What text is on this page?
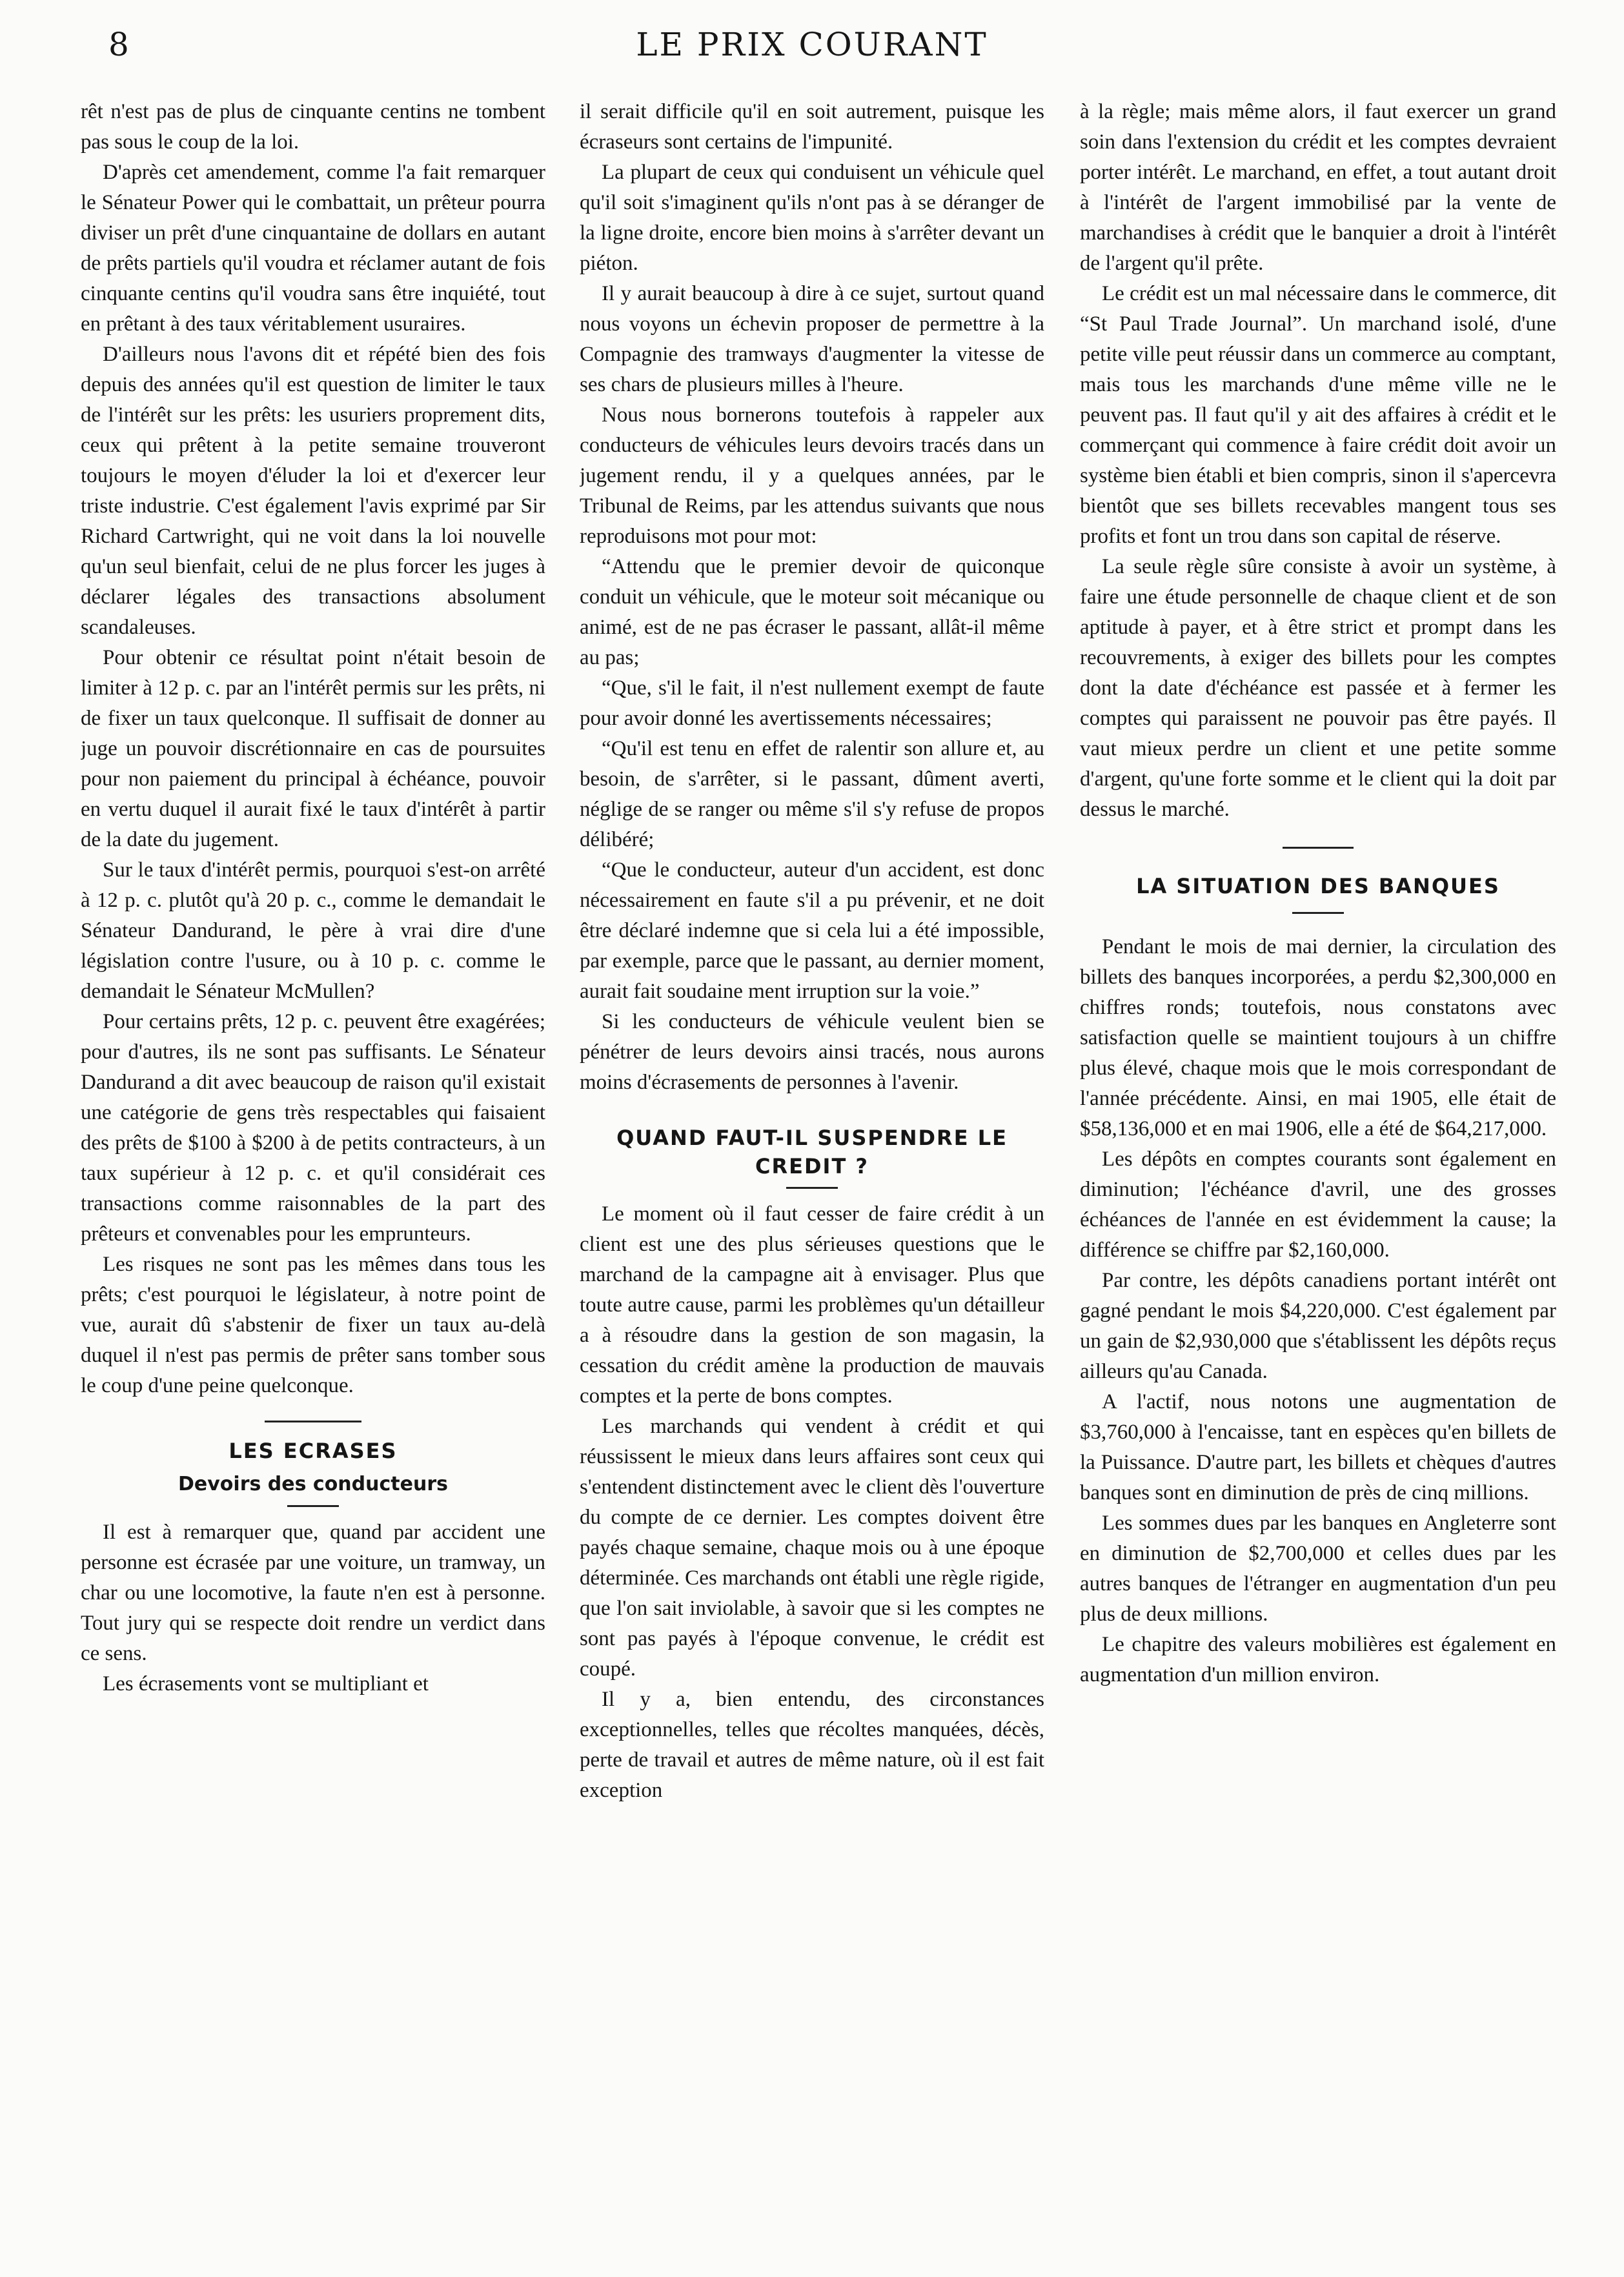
8	LE PRIX COURANT

rêt n'est pas de plus de cinquante centins ne tombent pas sous le coup de la loi.

D'après cet amendement, comme l'a fait remarquer le Sénateur Power qui le combattait, un prêteur pourra diviser un prêt d'une cinquantaine de dollars en autant de prêts partiels qu'il voudra et réclamer autant de fois cinquante centins qu'il voudra sans être inquiété, tout en prêtant à des taux véritablement usuraires.

D'ailleurs nous l'avons dit et répété bien des fois depuis des années qu'il est question de limiter le taux de l'intérêt sur les prêts: les usuriers proprement dits, ceux qui prêtent à la petite semaine trouveront toujours le moyen d'éluder la loi et d'exercer leur triste industrie. C'est également l'avis exprimé par Sir Richard Cartwright, qui ne voit dans la loi nouvelle qu'un seul bienfait, celui de ne plus forcer les juges à déclarer légales des transactions absolument scandaleuses.

Pour obtenir ce résultat point n'était besoin de limiter à 12 p. c. par an l'intérêt permis sur les prêts, ni de fixer un taux quelconque. Il suffisait de donner au juge un pouvoir discrétionnaire en cas de poursuites pour non paiement du principal à échéance, pouvoir en vertu duquel il aurait fixé le taux d'intérêt à partir de la date du jugement.

Sur le taux d'intérêt permis, pourquoi s'est-on arrêté à 12 p. c. plutôt qu'à 20 p. c., comme le demandait le Sénateur Dandurand, le père à vrai dire d'une législation contre l'usure, ou à 10 p. c. comme le demandait le Sénateur McMullen?

Pour certains prêts, 12 p. c. peuvent être exagérées; pour d'autres, ils ne sont pas suffisants. Le Sénateur Dandurand a dit avec beaucoup de raison qu'il existait une catégorie de gens très respectables qui faisaient des prêts de $100 à $200 à de petits contracteurs, à un taux supérieur à 12 p. c. et qu'il considérait ces transactions comme raisonnables de la part des prêteurs et convenables pour les emprunteurs.

Les risques ne sont pas les mêmes dans tous les prêts; c'est pourquoi le législateur, à notre point de vue, aurait dû s'abstenir de fixer un taux au-delà duquel il n'est pas permis de prêter sans tomber sous le coup d'une peine quelconque.

LES ECRASES
Devoirs des conducteurs

Il est à remarquer que, quand par accident une personne est écrasée par une voiture, un tramway, un char ou une locomotive, la faute n'en est à personne. Tout jury qui se respecte doit rendre un verdict dans ce sens.

Les écrasements vont se multipliant et

il serait difficile qu'il en soit autrement, puisque les écraseurs sont certains de l'impunité.

La plupart de ceux qui conduisent un véhicule quel qu'il soit s'imaginent qu'ils n'ont pas à se déranger de la ligne droite, encore bien moins à s'arrêter devant un piéton.

Il y aurait beaucoup à dire à ce sujet, surtout quand nous voyons un échevin proposer de permettre à la Compagnie des tramways d'augmenter la vitesse de ses chars de plusieurs milles à l'heure.

Nous nous bornerons toutefois à rappeler aux conducteurs de véhicules leurs devoirs tracés dans un jugement rendu, il y a quelques années, par le Tribunal de Reims, par les attendus suivants que nous reproduisons mot pour mot:

“Attendu que le premier devoir de quiconque conduit un véhicule, que le moteur soit mécanique ou animé, est de ne pas écraser le passant, allât-il même au pas;

“Que, s'il le fait, il n'est nullement exempt de faute pour avoir donné les avertissements nécessaires;

“Qu'il est tenu en effet de ralentir son allure et, au besoin, de s'arrêter, si le passant, dûment averti, néglige de se ranger ou même s'il s'y refuse de propos délibéré;

“Que le conducteur, auteur d'un accident, est donc nécessairement en faute s'il a pu prévenir, et ne doit être déclaré indemne que si cela lui a été impossible, par exemple, parce que le passant, au dernier moment, aurait fait soudaine ment irruption sur la voie.”

Si les conducteurs de véhicule veulent bien se pénétrer de leurs devoirs ainsi tracés, nous aurons moins d'écrasements de personnes à l'avenir.

QUAND FAUT-IL SUSPENDRE LE CREDIT ?

Le moment où il faut cesser de faire crédit à un client est une des plus sérieuses questions que le marchand de la campagne ait à envisager. Plus que toute autre cause, parmi les problèmes qu'un détailleur a à résoudre dans la gestion de son magasin, la cessation du crédit amène la production de mauvais comptes et la perte de bons comptes.

Les marchands qui vendent à crédit et qui réussissent le mieux dans leurs affaires sont ceux qui s'entendent distinctement avec le client dès l'ouverture du compte de ce dernier. Les comptes doivent être payés chaque semaine, chaque mois ou à une époque déterminée. Ces marchands ont établi une règle rigide, que l'on sait inviolable, à savoir que si les comptes ne sont pas payés à l'époque convenue, le crédit est coupé.

Il y a, bien entendu, des circonstances exceptionnelles, telles que récoltes manquées, décès, perte de travail et autres de même nature, où il est fait exception

à la règle; mais même alors, il faut exercer un grand soin dans l'extension du crédit et les comptes devraient porter intérêt. Le marchand, en effet, a tout autant droit à l'intérêt de l'argent immobilisé par la vente de marchandises à crédit que le banquier a droit à l'intérêt de l'argent qu'il prête.

Le crédit est un mal nécessaire dans le commerce, dit “St Paul Trade Journal”. Un marchand isolé, d'une petite ville peut réussir dans un commerce au comptant, mais tous les marchands d'une même ville ne le peuvent pas. Il faut qu'il y ait des affaires à crédit et le commerçant qui commence à faire crédit doit avoir un système bien établi et bien compris, sinon il s'apercevra bientôt que ses billets recevables mangent tous ses profits et font un trou dans son capital de réserve.

La seule règle sûre consiste à avoir un système, à faire une étude personnelle de chaque client et de son aptitude à payer, et à être strict et prompt dans les recouvrements, à exiger des billets pour les comptes dont la date d'échéance est passée et à fermer les comptes qui paraissent ne pouvoir pas être payés. Il vaut mieux perdre un client et une petite somme d'argent, qu'une forte somme et le client qui la doit par dessus le marché.

LA SITUATION DES BANQUES

Pendant le mois de mai dernier, la circulation des billets des banques incorporées, a perdu $2,300,000 en chiffres ronds; toutefois, nous constatons avec satisfaction quelle se maintient toujours à un chiffre plus élevé, chaque mois que le mois correspondant de l'année précédente. Ainsi, en mai 1905, elle était de $58,136,000 et en mai 1906, elle a été de $64,217,000.

Les dépôts en comptes courants sont également en diminution; l'échéance d'avril, une des grosses échéances de l'année en est évidemment la cause; la différence se chiffre par $2,160,000.

Par contre, les dépôts canadiens portant intérêt ont gagné pendant le mois $4,220,000. C'est également par un gain de $2,930,000 que s'établissent les dépôts reçus ailleurs qu'au Canada.

A l'actif, nous notons une augmentation de $3,760,000 à l'encaisse, tant en espèces qu'en billets de la Puissance. D'autre part, les billets et chèques d'autres banques sont en diminution de près de cinq millions.

Les sommes dues par les banques en Angleterre sont en diminution de $2,700,000 et celles dues par les autres banques de l'étranger en augmentation d'un peu plus de deux millions.

Le chapitre des valeurs mobilières est également en augmentation d'un million environ.
